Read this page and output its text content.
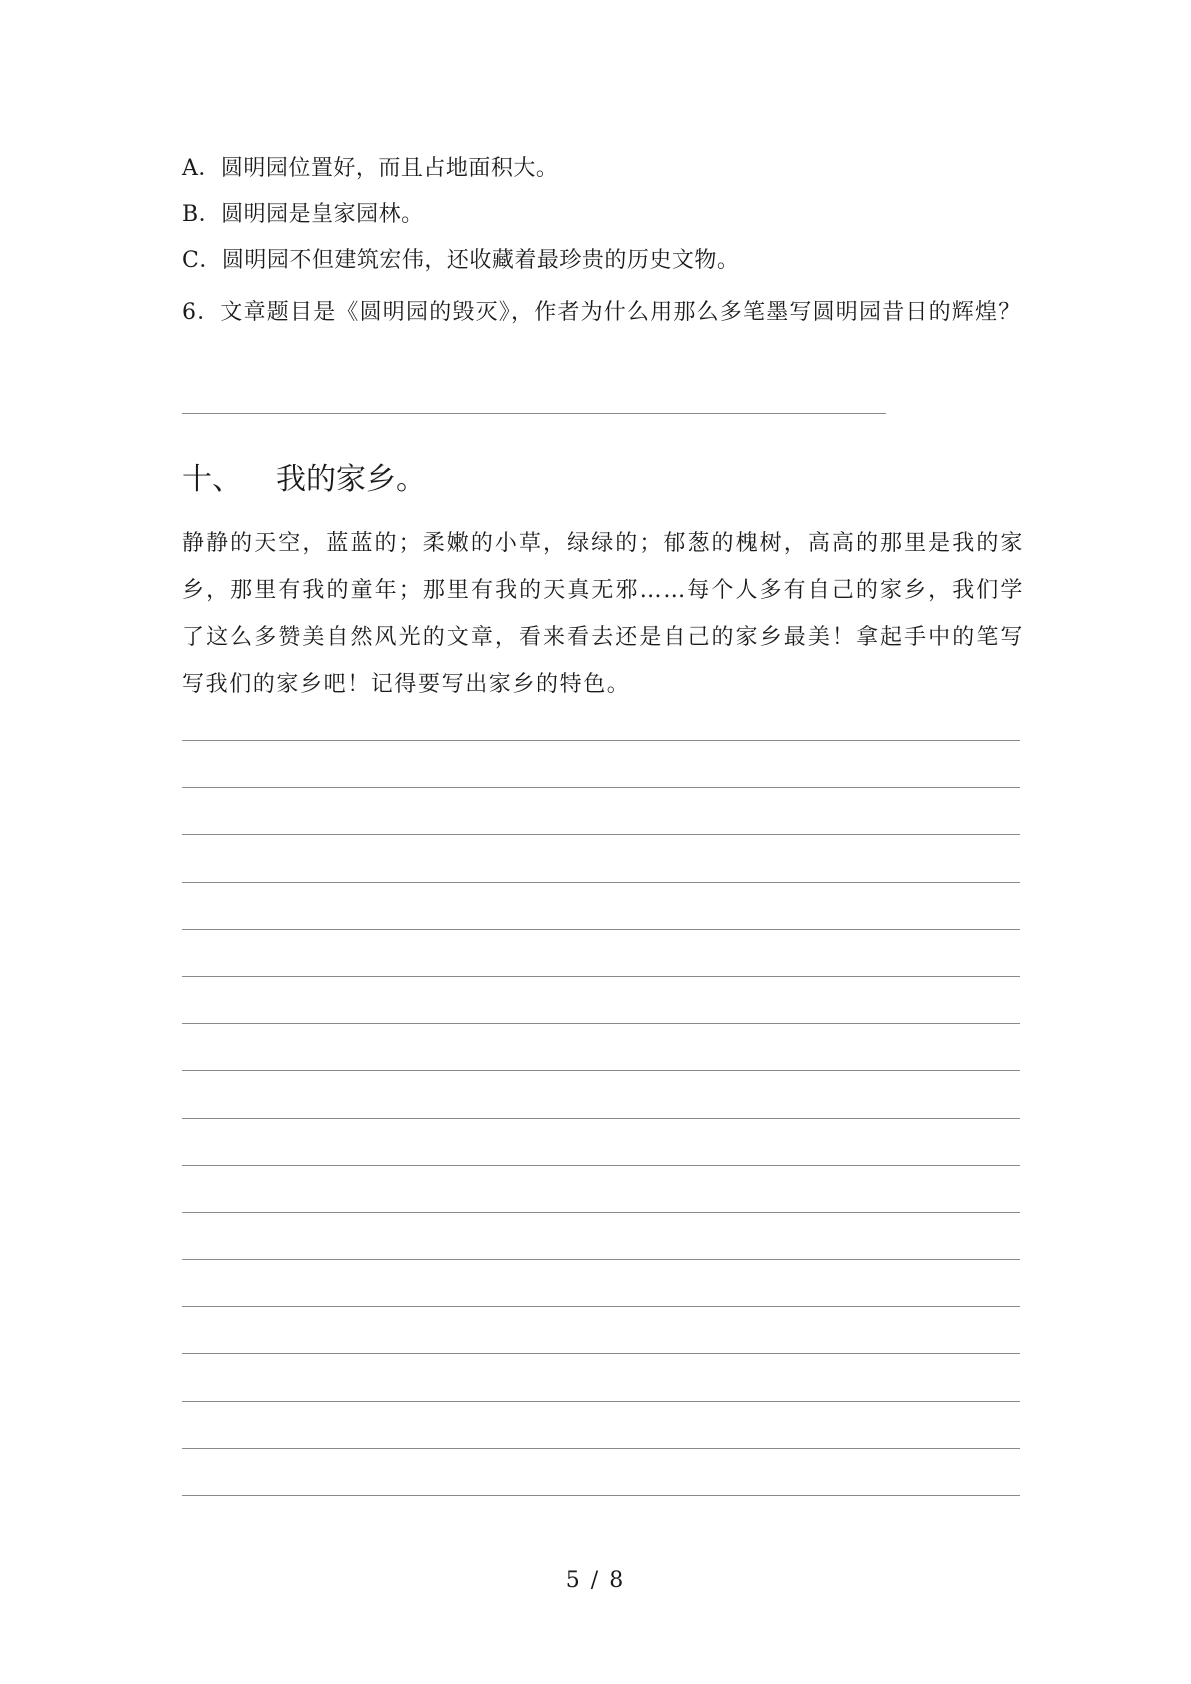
A．圆明园位置好，而且占地面积大。
B．圆明园是皇家园林。
C．圆明园不但建筑宏伟，还收藏着最珍贵的历史文物。
6．文章题目是《圆明园的毁灭》，作者为什么用那么多笔墨写圆明园昔日的辉煌？
十、 我的家乡。
静静的天空，蓝蓝的；柔嫩的小草，绿绿的；郁葱的槐树，高高的那里是我的家乡，那里有我的童年；那里有我的天真无邪……每个人多有自己的家乡，我们学了这么多赞美自然风光的文章，看来看去还是自己的家乡最美！拿起手中的笔写写我们的家乡吧！记得要写出家乡的特色。
5 / 8
